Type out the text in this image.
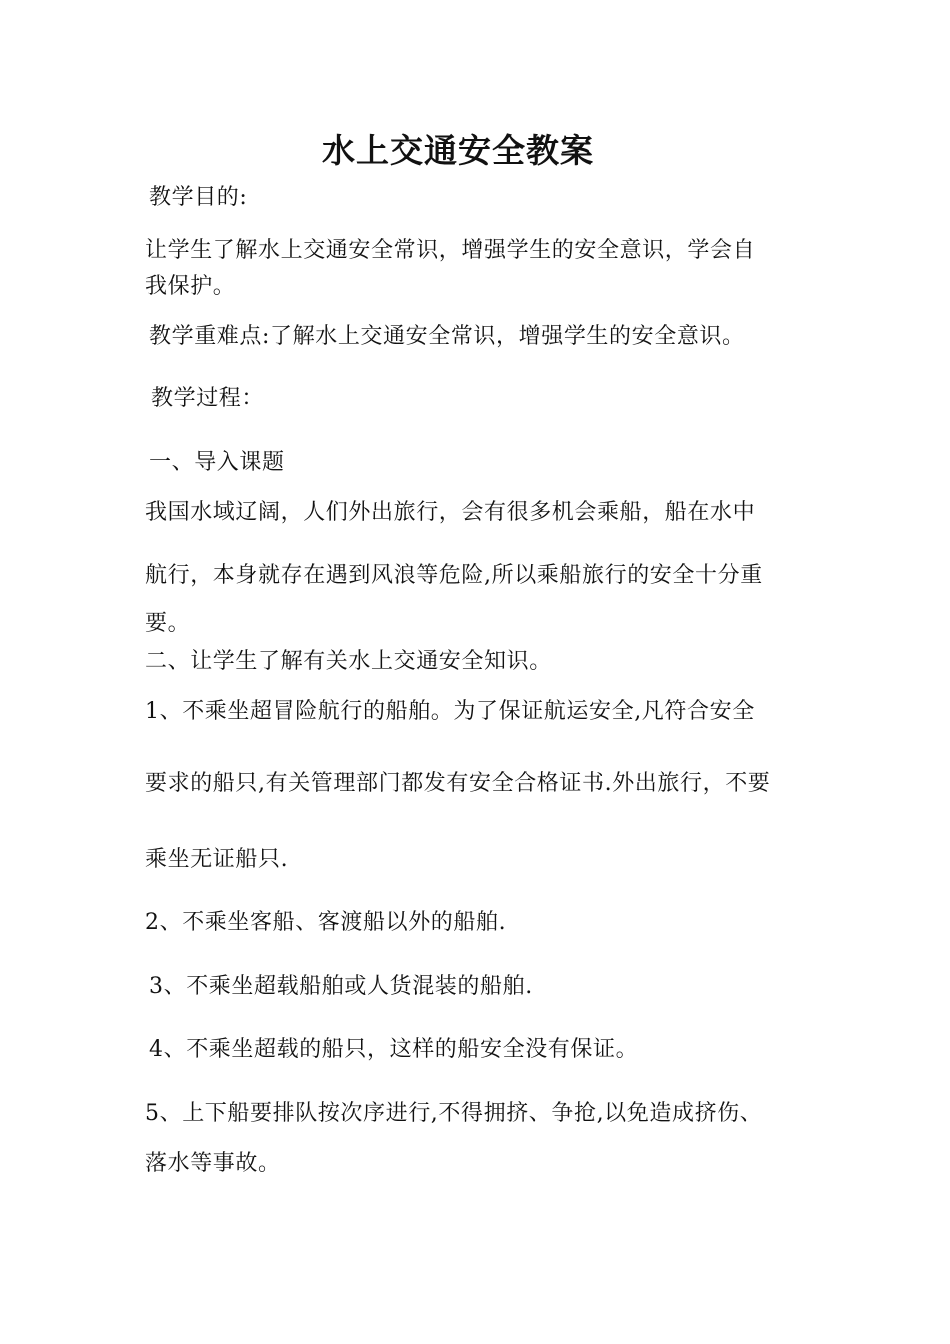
水上交通安全教案
教学目的:
让学生了解水上交通安全常识，增强学生的安全意识，学会自
我保护。
教学重难点:了解水上交通安全常识，增强学生的安全意识。
教学过程：
一、导入课题
我国水域辽阔，人们外出旅行，会有很多机会乘船，船在水中
航行，本身就存在遇到风浪等危险,所以乘船旅行的安全十分重
要。
二、让学生了解有关水上交通安全知识。
1、不乘坐超冒险航行的船舶。为了保证航运安全,凡符合安全
要求的船只,有关管理部门都发有安全合格证书.外出旅行，不要
乘坐无证船只.
2、不乘坐客船、客渡船以外的船舶.
3、不乘坐超载船舶或人货混装的船舶.
4、不乘坐超载的船只，这样的船安全没有保证。
5、上下船要排队按次序进行,不得拥挤、争抢,以免造成挤伤、
落水等事故。
